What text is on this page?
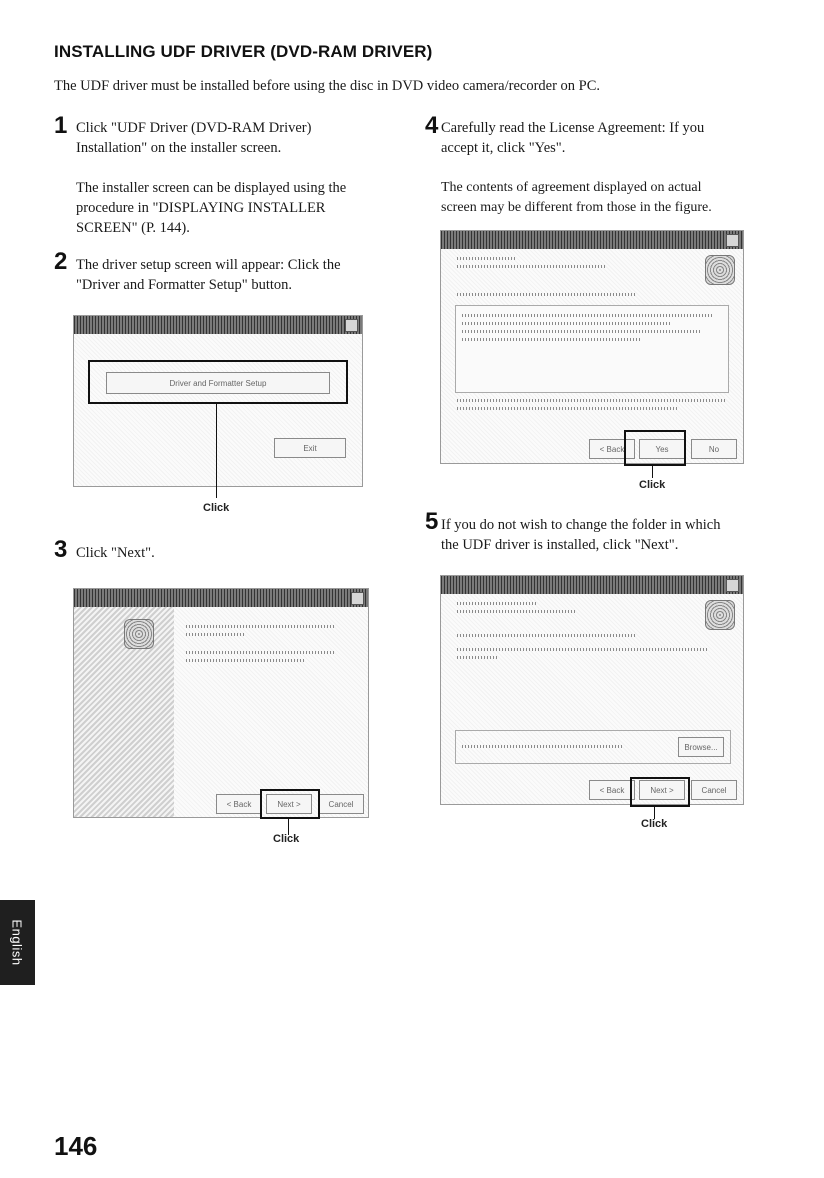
INSTALLING UDF DRIVER (DVD-RAM DRIVER)
The UDF driver must be installed before using the disc in DVD video camera/recorder on PC.
1 Click "UDF Driver (DVD-RAM Driver)
Installation" on the installer screen.
The installer screen can be displayed using the
procedure in "DISPLAYING INSTALLER
SCREEN" (P. 144).
2 The driver setup screen will appear: Click the
"Driver and Formatter Setup" button.
Driver and Formatter Setup
Exit
Click
3 Click "Next".
< Back	Next >	Cancel
Click
4 Carefully read the License Agreement: If you
accept it, click "Yes".
The contents of agreement displayed on actual
screen may be different from those in the figure.
< Back	Yes	No
Click
5 If you do not wish to change the folder in which
the UDF driver is installed, click "Next".
Browse...
< Back	Next >	Cancel
Click
English
146
